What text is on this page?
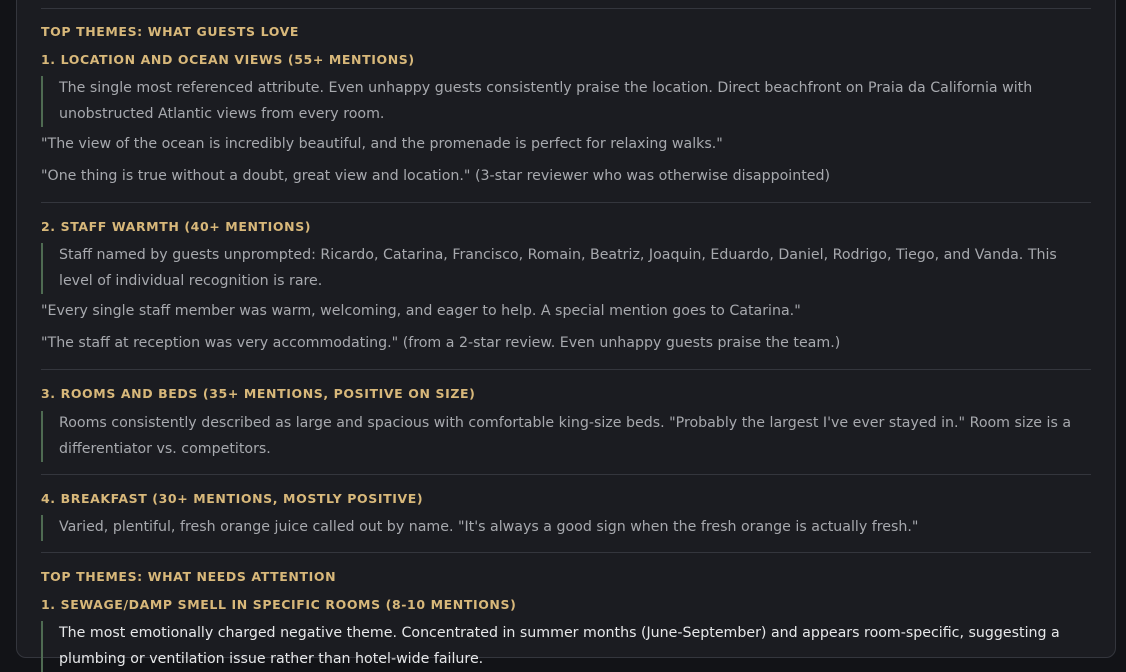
TOP THEMES: WHAT GUESTS LOVE
1. LOCATION AND OCEAN VIEWS (55+ MENTIONS)
The single most referenced attribute. Even unhappy guests consistently praise the location. Direct beachfront on Praia da California with unobstructed Atlantic views from every room.
"The view of the ocean is incredibly beautiful, and the promenade is perfect for relaxing walks."
"One thing is true without a doubt, great view and location." (3-star reviewer who was otherwise disappointed)
2. STAFF WARMTH (40+ MENTIONS)
Staff named by guests unprompted: Ricardo, Catarina, Francisco, Romain, Beatriz, Joaquin, Eduardo, Daniel, Rodrigo, Tiego, and Vanda. This level of individual recognition is rare.
"Every single staff member was warm, welcoming, and eager to help. A special mention goes to Catarina."
"The staff at reception was very accommodating." (from a 2-star review. Even unhappy guests praise the team.)
3. ROOMS AND BEDS (35+ MENTIONS, POSITIVE ON SIZE)
Rooms consistently described as large and spacious with comfortable king-size beds. "Probably the largest I've ever stayed in." Room size is a differentiator vs. competitors.
4. BREAKFAST (30+ MENTIONS, MOSTLY POSITIVE)
Varied, plentiful, fresh orange juice called out by name. "It's always a good sign when the fresh orange is actually fresh."
TOP THEMES: WHAT NEEDS ATTENTION
1. SEWAGE/DAMP SMELL IN SPECIFIC ROOMS (8-10 MENTIONS)
The most emotionally charged negative theme. Concentrated in summer months (June-September) and appears room-specific, suggesting a plumbing or ventilation issue rather than hotel-wide failure.
